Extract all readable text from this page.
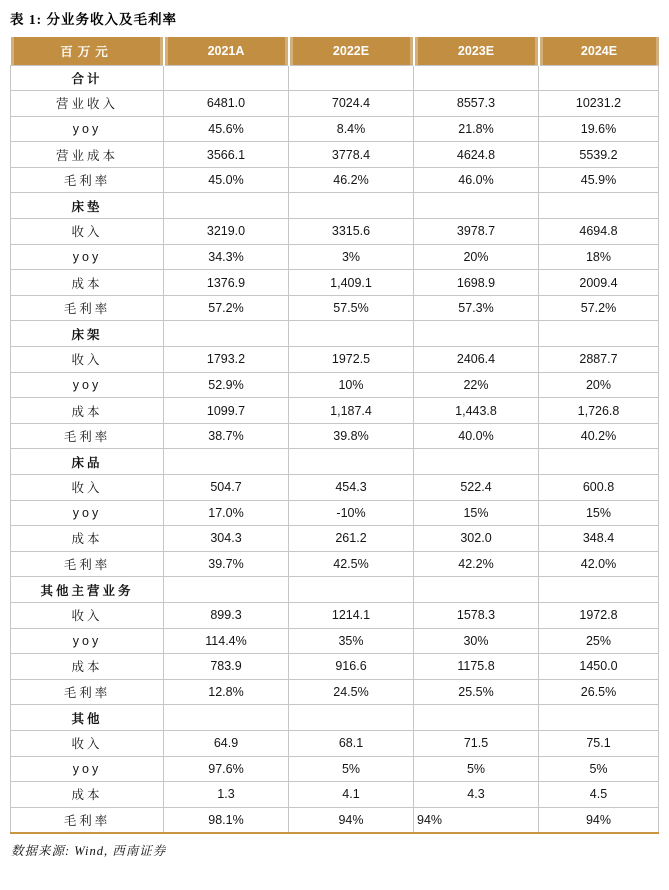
表 1: 分业务收入及毛利率
百万元	2021A	2022E	2023E	2024E
合计				
营业收入	6481.0	7024.4	8557.3	10231.2
yoy	45.6%	8.4%	21.8%	19.6%
营业成本	3566.1	3778.4	4624.8	5539.2
毛利率	45.0%	46.2%	46.0%	45.9%
床垫				
收入	3219.0	3315.6	3978.7	4694.8
yoy	34.3%	3%	20%	18%
成本	1376.9	1,409.1	1698.9	2009.4
毛利率	57.2%	57.5%	57.3%	57.2%
床架				
收入	1793.2	1972.5	2406.4	2887.7
yoy	52.9%	10%	22%	20%
成本	1099.7	1,187.4	1,443.8	1,726.8
毛利率	38.7%	39.8%	40.0%	40.2%
床品				
收入	504.7	454.3	522.4	600.8
yoy	17.0%	-10%	15%	15%
成本	304.3	261.2	302.0	348.4
毛利率	39.7%	42.5%	42.2%	42.0%
其他主营业务				
收入	899.3	1214.1	1578.3	1972.8
yoy	114.4%	35%	30%	25%
成本	783.9	916.6	1175.8	1450.0
毛利率	12.8%	24.5%	25.5%	26.5%
其他				
收入	64.9	68.1	71.5	75.1
yoy	97.6%	5%	5%	5%
成本	1.3	4.1	4.3	4.5
毛利率	98.1%	94%	94%	94%
数据来源: Wind, 西南证券
